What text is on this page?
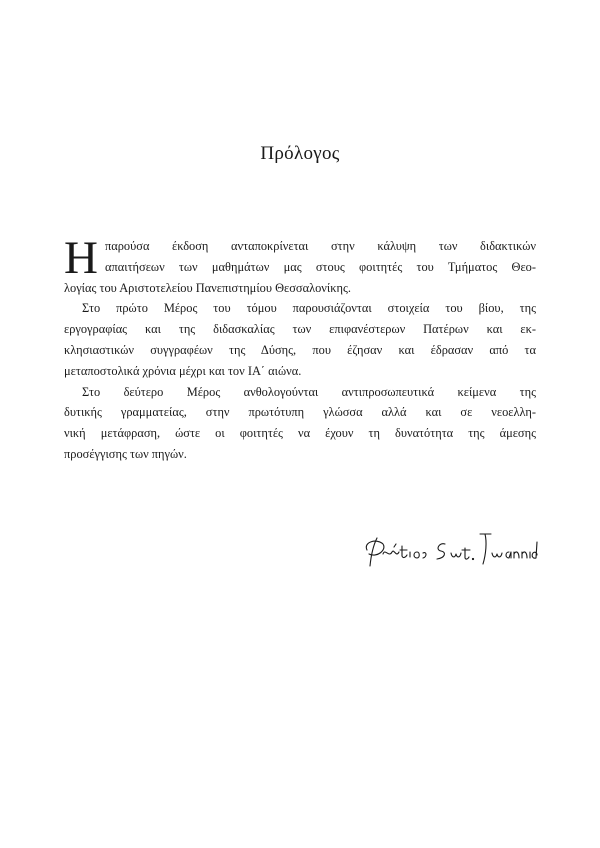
Πρόλογος
Η παρούσα έκδοση ανταποκρίνεται στην κάλυψη των διδακτικών
απαιτήσεων των μαθημάτων μας στους φοιτητές του Τμήματος Θεο-
λογίας του Αριστοτελείου Πανεπιστημίου Θεσσαλονίκης.
Στο πρώτο Μέρος του τόμου παρουσιάζονται στοιχεία του βίου, της
εργογραφίας και της διδασκαλίας των επιφανέστερων Πατέρων και εκ-
κλησιαστικών συγγραφέων της Δύσης, που έζησαν και έδρασαν από τα
μεταποστολικά χρόνια μέχρι και τον ΙΑ΄ αιώνα.
Στο δεύτερο Μέρος ανθολογούνται αντιπροσωπευτικά κείμενα της
δυτικής γραμματείας, στην πρωτότυπη γλώσσα αλλά και σε νεοελλη-
νική μετάφραση, ώστε οι φοιτητές να έχουν τη δυνατότητα της άμεσης
προσέγγισης των πηγών.
